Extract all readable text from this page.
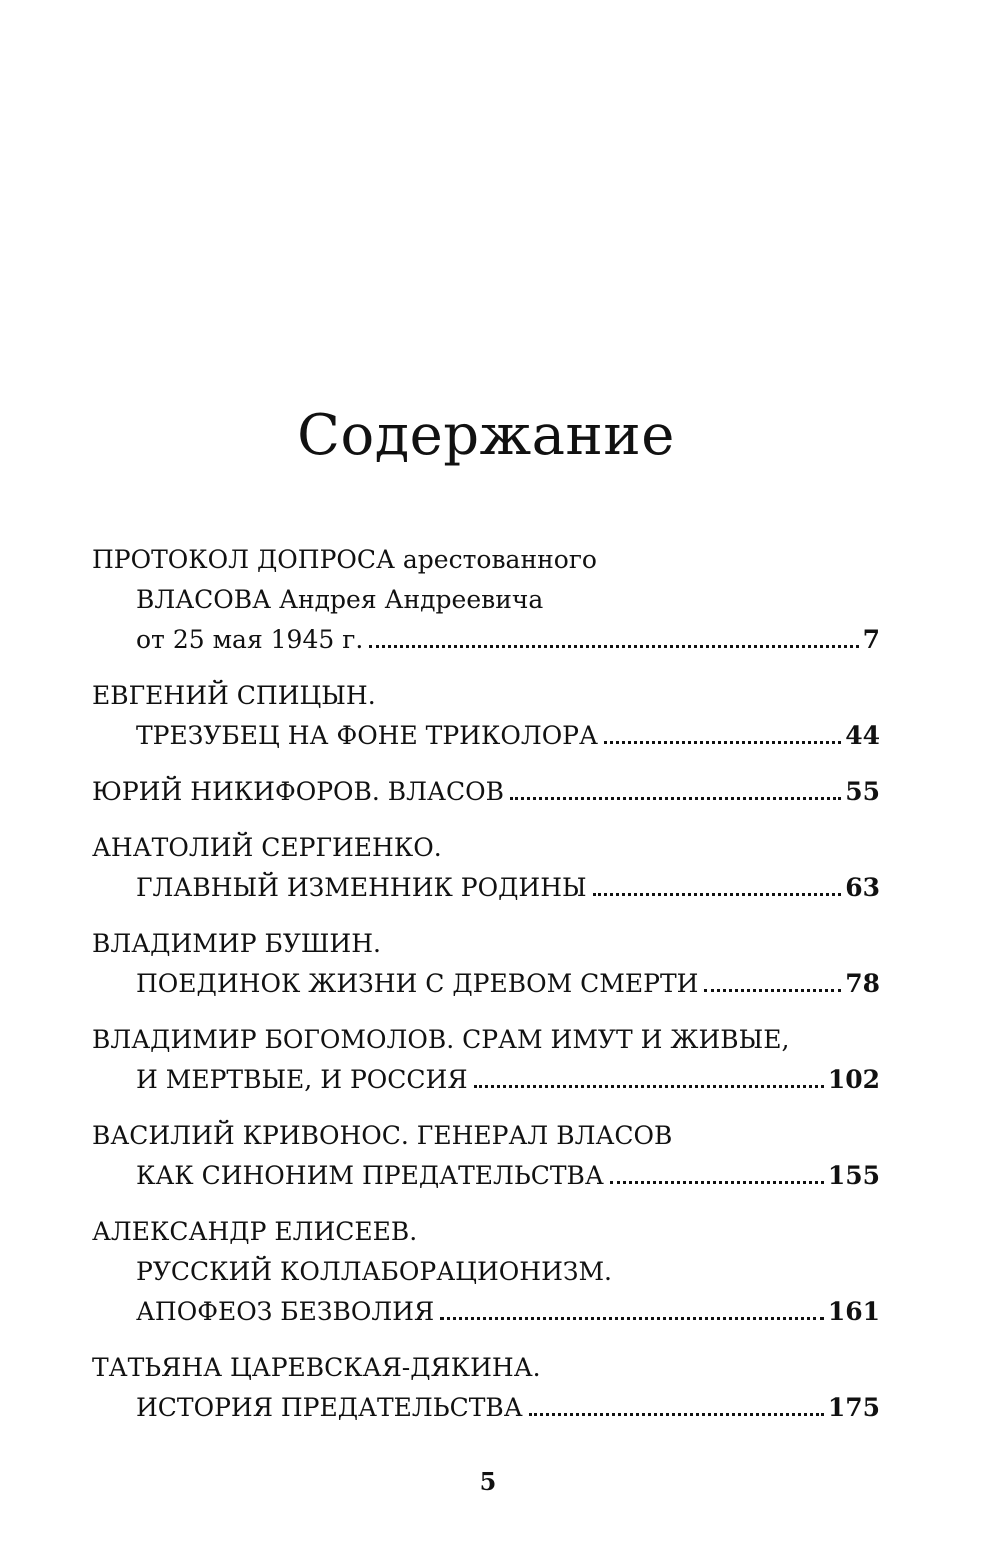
Содержание
ПРОТОКОЛ ДОПРОСА арестованного
ВЛАСОВА Андрея Андреевича
от 25 мая 1945 г.	7
ЕВГЕНИЙ СПИЦЫН.
ТРЕЗУБЕЦ НА ФОНЕ ТРИКОЛОРА	44
ЮРИЙ НИКИФОРОВ. ВЛАСОВ	55
АНАТОЛИЙ СЕРГИЕНКО.
ГЛАВНЫЙ ИЗМЕННИК РОДИНЫ	63
ВЛАДИМИР БУШИН.
ПОЕДИНОК ЖИЗНИ С ДРЕВОМ СМЕРТИ	78
ВЛАДИМИР БОГОМОЛОВ. СРАМ ИМУТ И ЖИВЫЕ,
И МЕРТВЫЕ, И РОССИЯ	102
ВАСИЛИЙ КРИВОНОС. ГЕНЕРАЛ ВЛАСОВ
КАК СИНОНИМ ПРЕДАТЕЛЬСТВА	155
АЛЕКСАНДР ЕЛИСЕЕВ.
РУССКИЙ КОЛЛАБОРАЦИОНИЗМ.
АПОФЕОЗ БЕЗВОЛИЯ	161
ТАТЬЯНА ЦАРЕВСКАЯ-ДЯКИНА.
ИСТОРИЯ ПРЕДАТЕЛЬСТВА	175
5
